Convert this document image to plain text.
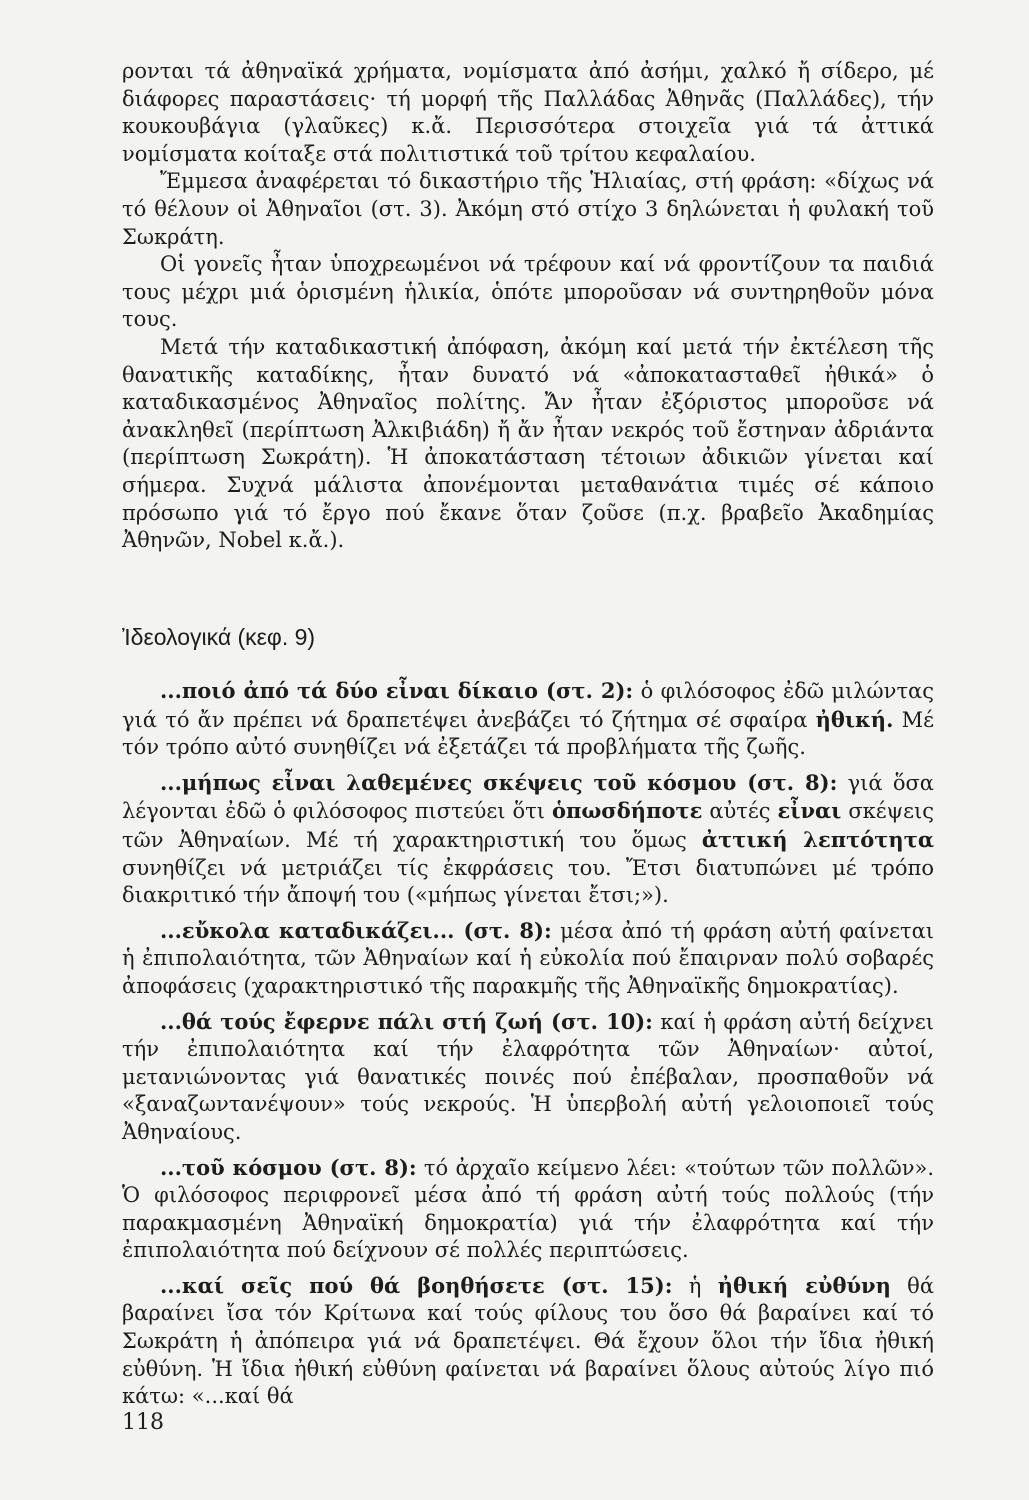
ρονται τά ἀθηναϊκά χρήματα, νομίσματα ἀπό ἀσήμι, χαλκό ἤ σίδερο, μέ διάφορες παραστάσεις· τή μορφή τῆς Παλλάδας Ἀθηνᾶς (Παλλάδες), τήν κουκουβάγια (γλαῦκες) κ.ἄ. Περισσότερα στοιχεῖα γιά τά ἀττικά νομίσματα κοίταξε στά πολιτιστικά τοῦ τρίτου κεφαλαίου.

Ἔμμεσα ἀναφέρεται τό δικαστήριο τῆς Ἡλιαίας, στή φράση: «δίχως νά τό θέλουν οἱ Ἀθηναῖοι (στ. 3). Ἀκόμη στό στίχο 3 δηλώνεται ἡ φυλακή τοῦ Σωκράτη.

Οἱ γονεῖς ἦταν ὑποχρεωμένοι νά τρέφουν καί νά φροντίζουν τα παιδιά τους μέχρι μιά ὁρισμένη ἡλικία, ὁπότε μποροῦσαν νά συντηρηθοῦν μόνα τους.

Μετά τήν καταδικαστική ἀπόφαση, ἀκόμη καί μετά τήν ἐκτέλεση τῆς θανατικῆς καταδίκης, ἦταν δυνατό νά «ἀποκατασταθεῖ ἠθικά» ὁ καταδικασμένος Ἀθηναῖος πολίτης. Ἄν ἦταν ἐξόριστος μποροῦσε νά ἀνακληθεῖ (περίπτωση Ἀλκιβιάδη) ἤ ἄν ἦταν νεκρός τοῦ ἔστηναν ἀδριάντα (περίπτωση Σωκράτη). Ἡ ἀποκατάσταση τέτοιων ἀδικιῶν γίνεται καί σήμερα. Συχνά μάλιστα ἀπονέμονται μεταθανάτια τιμές σέ κάποιο πρόσωπο γιά τό ἔργο πού ἔκανε ὅταν ζοῦσε (π.χ. βραβεῖο Ἀκαδημίας Ἀθηνῶν, Nobel κ.ἄ.).

Ἰδεολογικά (κεφ. 9)

...ποιό ἀπό τά δύο εἶναι δίκαιο (στ. 2): ὁ φιλόσοφος ἐδῶ μιλώντας γιά τό ἄν πρέπει νά δραπετέψει ἀνεβάζει τό ζήτημα σέ σφαίρα ἠθική. Μέ τόν τρόπο αὐτό συνηθίζει νά ἐξετάζει τά προβλήματα τῆς ζωῆς.

...μήπως εἶναι λαθεμένες σκέψεις τοῦ κόσμου (στ. 8): γιά ὅσα λέγονται ἐδῶ ὁ φιλόσοφος πιστεύει ὅτι ὁπωσδήποτε αὐτές εἶναι σκέψεις τῶν Ἀθηναίων. Μέ τή χαρακτηριστική του ὅμως ἀττική λεπτότητα συνηθίζει νά μετριάζει τίς ἐκφράσεις του. Ἔτσι διατυπώνει μέ τρόπο διακριτικό τήν ἄποψή του («μήπως γίνεται ἔτσι;»).

...εὔκολα καταδικάζει... (στ. 8): μέσα ἀπό τή φράση αὐτή φαίνεται ἡ ἐπιπολαιότητα, τῶν Ἀθηναίων καί ἡ εὐκολία πού ἔπαιρναν πολύ σοβαρές ἀποφάσεις (χαρακτηριστικό τῆς παρακμῆς τῆς Ἀθηναϊκῆς δημοκρατίας).

...θά τούς ἔφερνε πάλι στή ζωή (στ. 10): καί ἡ φράση αὐτή δείχνει τήν ἐπιπολαιότητα καί τήν ἐλαφρότητα τῶν Ἀθηναίων· αὐτοί, μετανιώνοντας γιά θανατικές ποινές πού ἐπέβαλαν, προσπαθοῦν νά «ξαναζωντανέψουν» τούς νεκρούς. Ἡ ὑπερβολή αὐτή γελοιοποιεῖ τούς Ἀθηναίους.

...τοῦ κόσμου (στ. 8): τό ἀρχαῖο κείμενο λέει: «τούτων τῶν πολλῶν». Ὁ φιλόσοφος περιφρονεῖ μέσα ἀπό τή φράση αὐτή τούς πολλούς (τήν παρακμασμένη Ἀθηναϊκή δημοκρατία) γιά τήν ἐλαφρότητα καί τήν ἐπιπολαιότητα πού δείχνουν σέ πολλές περιπτώσεις.

...καί σεῖς πού θά βοηθήσετε (στ. 15): ἡ ἠθική εὐθύνη θά βαραίνει ἴσα τόν Κρίτωνα καί τούς φίλους του ὅσο θά βαραίνει καί τό Σωκράτη ἡ ἀπόπειρα γιά νά δραπετέψει. Θά ἔχουν ὅλοι τήν ἴδια ἠθική εὐθύνη. Ἡ ἴδια ἠθική εὐθύνη φαίνεται νά βαραίνει ὅλους αὐτούς λίγο πιό κάτω: «...καί θά

118
